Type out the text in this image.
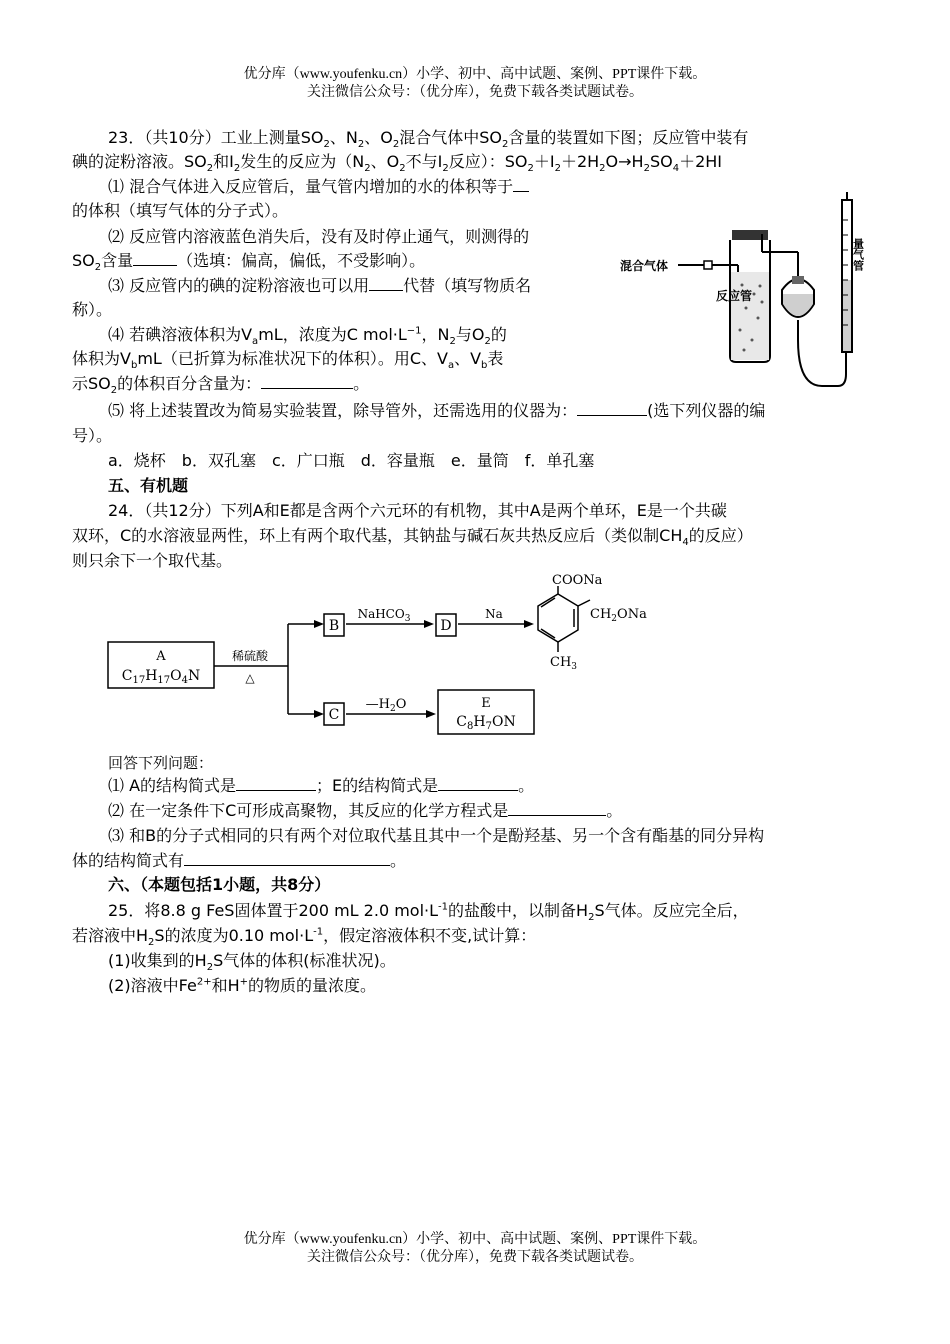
优分库（www.youfenku.cn）小学、初中、高中试题、案例、PPT课件下载。
关注微信公众号：（优分库），免费下载各类试题试卷。
23．（共10分）工业上测量$SO_2$、$N_2$、$O_2$混合气体中$SO_2$含量的装置如下图；反应管中装有
碘的淀粉溶液。$SO_2$和$I_2$发生的反应为（$N_2$、$O_2$不与$I_2$反应）：$SO_2+I_2+2H_2O\to H_2SO_4+2HI$
⑴ 混合气体进入反应管后，量气管内增加的水的体积等于
的体积（填写气体的分子式）。
⑵ 反应管内溶液蓝色消失后，没有及时停止通气，则测得的
$SO_2$含量	（选填：偏高，偏低，不受影响）。
⑶ 反应管内的碘的淀粉溶液也可以用 代替（填写物质名
称）。
⑷ 若碘溶液体积为$V_amL$，浓度为C $mol\cdot L^{-1}$，$N_2$与$O_2$的
体积为$V_bmL$（已折算为标准状况下的体积）。用C、$V_a$、$V_b$表
示$SO_2$的体积百分含量为：	。
⑸ 将上述装置改为简易实验装置，除导管外，还需选用的仪器为：	(选下列仪器的编
号）。
a．烧杯　b．双孔塞　c．广口瓶　d．容量瓶　e．量筒　f．单孔塞
混合气体
反应管
量气管
五、有机题
24．（共12分）下列A和E都是含两个六元环的有机物，其中A是两个单环，E是一个共碳
双环，C的水溶液显两性，环上有两个取代基，其钠盐与碱石灰共热反应后（类似制$CH_4$的反应）
则只余下一个取代基。
A
$C_{17}H_{17}O_4N$
稀硫酸
△
B
NaHCO$_3$ D
Na
COONa
$CH_2ONa$
$CH_3$
C
$—H_2O$	E
$C_8H_7ON$
回答下列问题：
⑴ A的结构简式是	；E的结构简式是	。
⑵ 在一定条件下C可形成高聚物，其反应的化学方程式是	。
⑶ 和B的分子式相同的只有两个对位取代基且其中一个是酚羟基、另一个含有酯基的同分异构
体的结构简式有	。
六、（本题包括1小题，共8分）
25．将8.8 g FeS固体置于200 mL 2.0 $mol\cdot L^{-1}$的盐酸中，以制备$H_2S$气体。反应完全后，
若溶液中$H_2S$的浓度为0.10 $mol\cdot L^{-1}$，假定溶液体积不变,试计算：
(1)收集到的$H_2S$气体的体积(标准状况)。
(2)溶液中$Fe^{2+}$和H+的物质的量浓度。
优分库（www.youfenku.cn）小学、初中、高中试题、案例、PPT课件下载。
关注微信公众号：（优分库），免费下载各类试题试卷。
